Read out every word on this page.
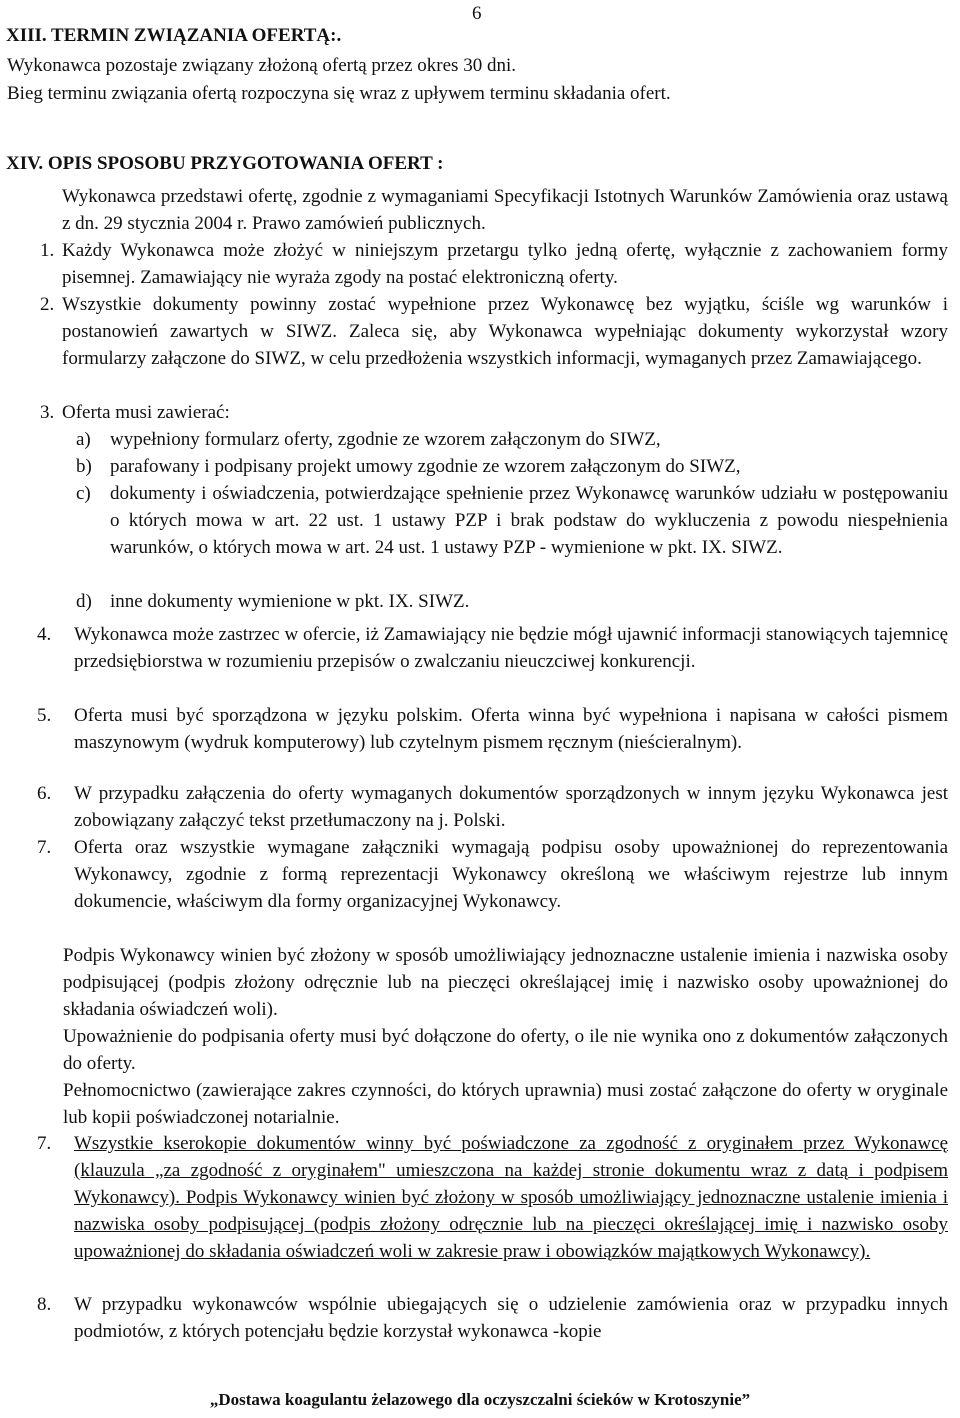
6
XIII. TERMIN ZWIĄZANIA OFERTĄ:.
Wykonawca pozostaje związany złożoną ofertą przez okres 30 dni.
Bieg terminu związania ofertą rozpoczyna się wraz z upływem terminu składania ofert.
XIV. OPIS SPOSOBU PRZYGOTOWANIA OFERT :
Wykonawca przedstawi ofertę, zgodnie z wymaganiami Specyfikacji Istotnych Warunków Zamówienia oraz ustawą z dn. 29 stycznia 2004 r. Prawo zamówień publicznych.
1. Każdy Wykonawca może złożyć w niniejszym przetargu tylko jedną ofertę, wyłącznie z zachowaniem formy pisemnej. Zamawiający nie wyraża zgody na postać elektroniczną oferty.
2. Wszystkie dokumenty powinny zostać wypełnione przez Wykonawcę bez wyjątku, ściśle wg warunków i postanowień zawartych w SIWZ. Zaleca się, aby Wykonawca wypełniając dokumenty wykorzystał wzory formularzy załączone do SIWZ, w celu przedłożenia wszystkich informacji, wymaganych przez Zamawiającego.
3. Oferta musi zawierać:
a) wypełniony formularz oferty, zgodnie ze wzorem załączonym do SIWZ,
b) parafowany i podpisany projekt umowy zgodnie ze wzorem załączonym do SIWZ,
c) dokumenty i oświadczenia, potwierdzające spełnienie przez Wykonawcę warunków udziału w postępowaniu o których mowa w art. 22 ust. 1 ustawy PZP i brak podstaw do wykluczenia z powodu niespełnienia warunków, o których mowa w art. 24 ust. 1 ustawy PZP - wymienione w pkt. IX. SIWZ.
d) inne dokumenty wymienione w pkt. IX. SIWZ.
4. Wykonawca może zastrzec w ofercie, iż Zamawiający nie będzie mógł ujawnić informacji stanowiących tajemnicę przedsiębiorstwa w rozumieniu przepisów o zwalczaniu nieuczciwej konkurencji.
5. Oferta musi być sporządzona w języku polskim. Oferta winna być wypełniona i napisana w całości pismem maszynowym (wydruk komputerowy) lub czytelnym pismem ręcznym (nieścieralnym).
6. W przypadku załączenia do oferty wymaganych dokumentów sporządzonych w innym języku Wykonawca jest zobowiązany załączyć tekst przetłumaczony na j. Polski.
7. Oferta oraz wszystkie wymagane załączniki wymagają podpisu osoby upoważnionej do reprezentowania Wykonawcy, zgodnie z formą reprezentacji Wykonawcy określoną we właściwym rejestrze lub innym dokumencie, właściwym dla formy organizacyjnej Wykonawcy.
Podpis Wykonawcy winien być złożony w sposób umożliwiający jednoznaczne ustalenie imienia i nazwiska osoby podpisującej (podpis złożony odręcznie lub na pieczęci określającej imię i nazwisko osoby upoważnionej do składania oświadczeń woli).
Upoważnienie do podpisania oferty musi być dołączone do oferty, o ile nie wynika ono z dokumentów załączonych do oferty.
Pełnomocnictwo (zawierające zakres czynności, do których uprawnia) musi zostać załączone do oferty w oryginale lub kopii poświadczonej notarialnie.
7. Wszystkie kserokopie dokumentów winny być poświadczone za zgodność z oryginałem przez Wykonawcę (klauzula „za zgodność z oryginałem" umieszczona na każdej stronie dokumentu wraz z datą i podpisem Wykonawcy). Podpis Wykonawcy winien być złożony w sposób umożliwiający jednoznaczne ustalenie imienia i nazwiska osoby podpisującej (podpis złożony odręcznie lub na pieczęci określającej imię i nazwisko osoby upoważnionej do składania oświadczeń woli w zakresie praw i obowiązków majątkowych Wykonawcy).
8. W przypadku wykonawców wspólnie ubiegających się o udzielenie zamówienia oraz w przypadku innych podmiotów, z których potencjału będzie korzystał wykonawca -kopie
„Dostawa koagulantu żelazowego dla oczyszczalni ścieków w Krotoszynie”
